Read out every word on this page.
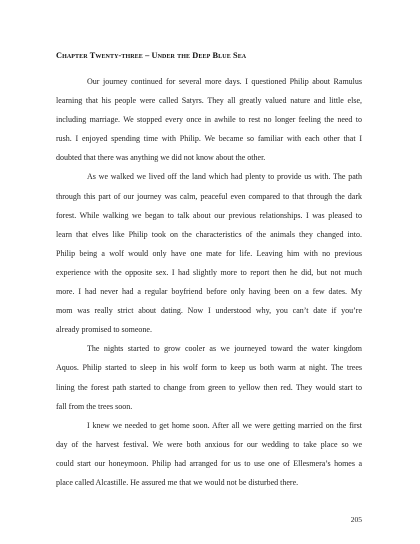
Chapter Twenty-three – Under the Deep Blue Sea

Our journey continued for several more days. I questioned Philip about Ramulus
learning that his people were called Satyrs. They all greatly valued nature and little else,
including marriage. We stopped every once in awhile to rest no longer feeling the need to
rush. I enjoyed spending time with Philip. We became so familiar with each other that I
doubted that there was anything we did not know about the other.

As we walked we lived off the land which had plenty to provide us with. The path
through this part of our journey was calm, peaceful even compared to that through the dark
forest. While walking we began to talk about our previous relationships. I was pleased to
learn that elves like Philip took on the characteristics of the animals they changed into.
Philip being a wolf would only have one mate for life. Leaving him with no previous
experience with the opposite sex. I had slightly more to report then he did, but not much
more. I had never had a regular boyfriend before only having been on a few dates. My
mom was really strict about dating. Now I understood why, you can’t date if you’re
already promised to someone.

The nights started to grow cooler as we journeyed toward the water kingdom
Aquos. Philip started to sleep in his wolf form to keep us both warm at night. The trees
lining the forest path started to change from green to yellow then red. They would start to
fall from the trees soon.

I knew we needed to get home soon. After all we were getting married on the first
day of the harvest festival. We were both anxious for our wedding to take place so we
could start our honeymoon. Philip had arranged for us to use one of Ellesmera’s homes a
place called Alcastille. He assured me that we would not be disturbed there.

205
